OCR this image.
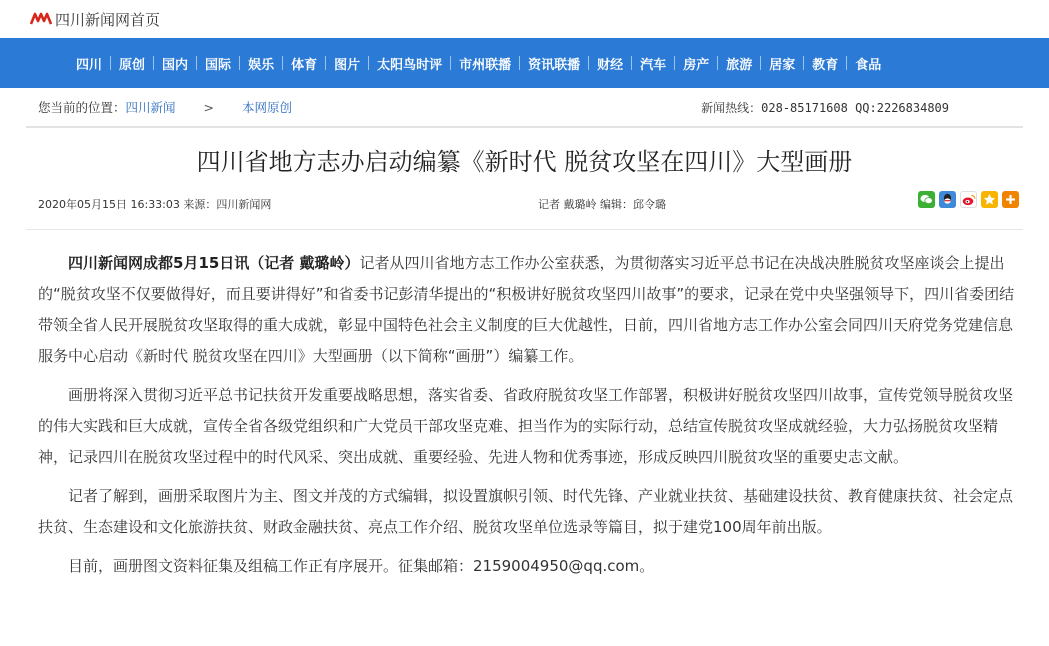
四川新闻网首页
四川	原创	国内	国际	娱乐	体育	图片	太阳鸟时评	市州联播	资讯联播	财经	汽车	房产	旅游	居家	教育	食品
您当前的位置： 四川新闻 > 本网原创	新闻热线：028-85171608 QQ:2226834809
四川省地方志办启动编纂《新时代 脱贫攻坚在四川》大型画册
2020年05月15日 16:33:03 来源：四川新闻网	记者 戴璐岭 编辑：邱令璐

四川新闻网成都5月15日讯（记者 戴璐岭）记者从四川省地方志工作办公室获悉，为贯彻落实习近平总书记在决战决胜脱贫攻坚座谈会上提出的“脱贫攻坚不仅要做得好，而且要讲得好”和省委书记彭清华提出的“积极讲好脱贫攻坚四川故事”的要求，记录在党中央坚强领导下，四川省委团结带领全省人民开展脱贫攻坚取得的重大成就，彰显中国特色社会主义制度的巨大优越性，日前，四川省地方志工作办公室会同四川天府党务党建信息服务中心启动《新时代 脱贫攻坚在四川》大型画册（以下简称“画册”）编纂工作。

画册将深入贯彻习近平总书记扶贫开发重要战略思想，落实省委、省政府脱贫攻坚工作部署，积极讲好脱贫攻坚四川故事，宣传党领导脱贫攻坚的伟大实践和巨大成就，宣传全省各级党组织和广大党员干部攻坚克难、担当作为的实际行动，总结宣传脱贫攻坚成就经验，大力弘扬脱贫攻坚精神，记录四川在脱贫攻坚过程中的时代风采、突出成就、重要经验、先进人物和优秀事迹，形成反映四川脱贫攻坚的重要史志文献。

记者了解到，画册采取图片为主、图文并茂的方式编辑，拟设置旗帜引领、时代先锋、产业就业扶贫、基础建设扶贫、教育健康扶贫、社会定点扶贫、生态建设和文化旅游扶贫、财政金融扶贫、亮点工作介绍、脱贫攻坚单位选录等篇目，拟于建党100周年前出版。

目前，画册图文资料征集及组稿工作正有序展开。征集邮箱：2159004950@qq.com。
